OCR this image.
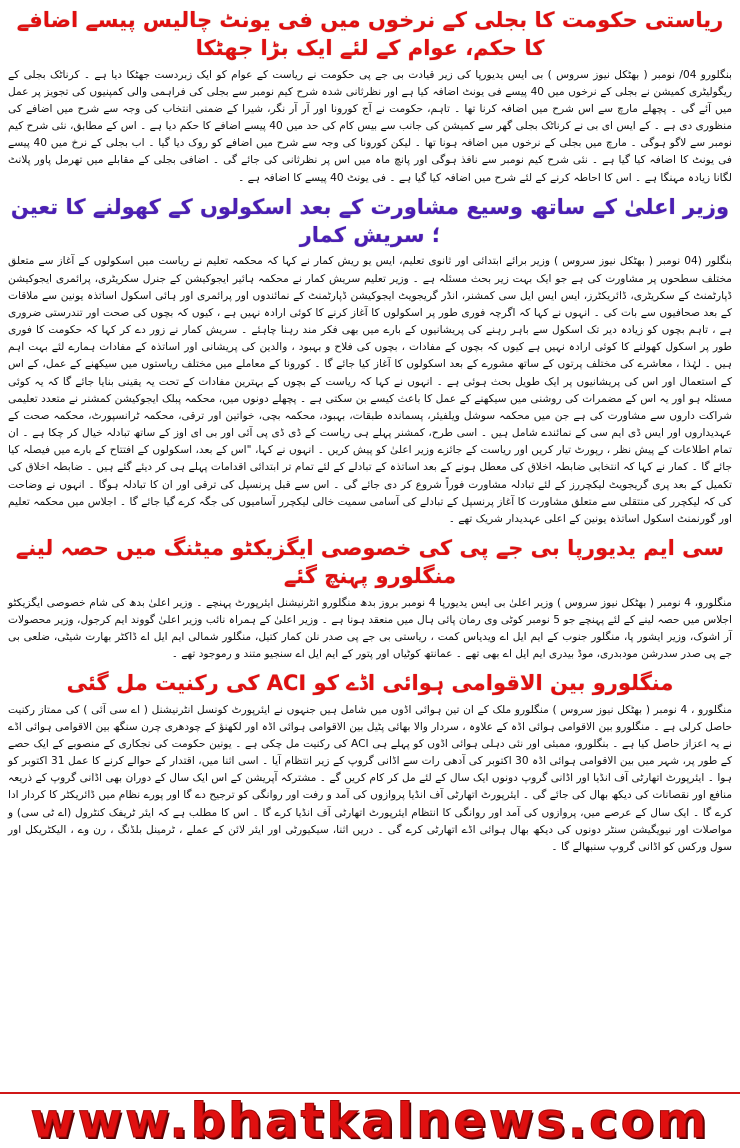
ریاستی حکومت کا بجلی کے نرخوں میں فی یونٹ چالیس پیسے اضافے کا حکم، عوام کے لئے ایک بڑا جھٹکا

بنگلورو 04/ نومبر ( بھٹکل نیوز سروس ) بی ایس یدیورپا کی زیر قیادت بی جے پی حکومت نے ریاست کے عوام کو ایک زبردست جھٹکا دیا ہے ۔ کرناٹک بجلی کے ریگولیٹری کمیشن نے بجلی کے نرخوں میں 40 پیسے فی یونٹ اضافہ کیا ہے اور نظرثانی شدہ شرح کیم نومبر سے بجلی کی فراہمی والی کمپنیوں کی تجویز پر عمل میں آئے گی ۔ پچھلے مارچ سے اس شرح میں اضافہ کرنا تھا ۔ تاہم، حکومت نے آج کورونا اور آر آر نگر، شیرا کے ضمنی انتخاب کی وجہ سے شرح میں اضافے کی منظوری دی ہے ۔ کے ایس ای بی نے کرناٹک بجلی گھر سے کمیشن کی جانب سے بیس کام کی حد میں 40 پیسے اضافے کا حکم دیا ہے ۔ اس کے مطابق، نئی شرح کیم نومبر سے لاگو ہوگی ۔ مارچ میں بجلی کے نرخوں میں اضافہ ہونا تھا ۔ لیکن کورونا کی وجہ سے شرح میں اضافے کو روک دیا گیا ۔ اب بجلی کے نرخ میں 40 پیسے فی یونٹ کا اضافہ کیا گیا ہے ۔ نئی شرح کیم نومبر سے نافذ ہوگی اور پانچ ماہ میں اس پر نظرثانی کی جائے گی ۔ اضافی بجلی کے مقابلے میں تھرمل پاور پلانٹ لگانا زیادہ مہنگا ہے ۔ اس کا احاطہ کرنے کے لئے شرح میں اضافہ کیا گیا ہے ۔ فی یونٹ 40 پیسے کا اضافہ ہے ۔

وزیر اعلیٰ کے ساتھ وسیع مشاورت کے بعد اسکولوں کے کھولنے کا تعین ؛ سریش کمار

بنگلور (04 نومبر ( بھٹکل نیوز سروس ) وزیر برائے ابتدائی اور ثانوی تعلیم، ایس یو ریش کمار نے کہا کہ محکمہ تعلیم نے ریاست میں اسکولوں کے آغاز سے متعلق مختلف سطحوں پر مشاورت کی ہے جو ایک بہت زیر بحث مسئلہ ہے ۔ وزیر تعلیم سریش کمار نے محکمہ ہائیر ایجوکیشن کے جنرل سکریٹری، پرائمری ایجوکیشن ڈپارٹمنٹ کے سکریٹری، ڈائریکٹرز، ایس ایس ایل سی کمشنر، انڈر گریجویٹ ایجوکیشن ڈپارٹمنٹ کے نمائندوں اور پرائمری اور ہائی اسکول اساتذہ یونین سے ملاقات کے بعد صحافیوں سے بات کی ۔ انہوں نے کہا کہ اگرچہ فوری طور پر اسکولوں کا آغاز کرنے کا کوئی ارادہ نہیں ہے ، کیوں کہ بچوں کی صحت اور تندرستی ضروری ہے ، تاہم بچوں کو زیادہ دیر تک اسکول سے باہر رہنے کی پریشانیوں کے بارے میں بھی فکر مند رہنا چاہئے ۔ سریش کمار نے زور دے کر کہا کہ حکومت کا فوری طور پر اسکول کھولنے کا کوئی ارادہ نہیں ہے کیوں کہ بچوں کے مفادات ، بچوں کی فلاح و بہبود ، والدین کی پریشانی اور اساتذہ کے مفادات ہمارے لئے بہت اہم ہیں ۔ لہٰذا ، معاشرے کی مختلف پرتوں کے ساتھ مشورے کے بعد اسکولوں کا آغاز کیا جائے گا ۔ کورونا کے معاملے میں مختلف ریاستوں میں سیکھنے کے عمل، کے اس کے استعمال اور اس کی پریشانیوں پر ایک طویل بحث ہوئی ہے ۔ انہوں نے کہا کہ ریاست کے بچوں کے بہترین مفادات کے تحت یہ یقینی بنایا جائے گا کہ یہ کوئی مسئلہ ہو اور یہ اس کے مضمرات کی روشنی میں سیکھنے کے عمل کا باعث کیسے بن سکتی ہے ۔ پچھلے دونوں میں، محکمہ پبلک ایجوکیشن کمشنر نے متعدد تعلیمی شراکت داروں سے مشاورت کی ہے جن میں محکمہ سوشل ویلفیئر، پسماندہ طبقات، بہبود، محکمہ بچی، خواتین اور ترقی، محکمہ ٹرانسپورٹ، محکمہ صحت کے عہدیداروں اور ایس ڈی ایم سی کے نمائندے شامل ہیں ۔ اسی طرح، کمشنر پہلے ہی ریاست کے ڈی ڈی پی آئی اور بی ای اوز کے ساتھ تبادلہ خیال کر چکا ہے ۔ ان تمام اطلاعات کے پیش نظر ، رپورٹ تیار کریں اور ریاست کے جائزے وزیر اعلیٰ کو پیش کریں ۔ انہوں نے کہا، "اس کے بعد، اسکولوں کے افتتاح کے بارے میں فیصلہ کیا جائے گا ۔ کمار نے کہا کہ انتخابی ضابطہ اخلاق کی معطل ہونے کے بعد اساتذہ کے تبادلے کے لئے تمام تر ابتدائی اقدامات پہلے ہی کر دیئے گئے ہیں ۔ ضابطہ اخلاق کی تکمیل کے بعد پری گریجویٹ لیکچررز کے لئے تبادلہ مشاورت فوراً شروع کر دی جائے گی ۔ اس سے قبل پرنسپل کی ترقی اور ان کا تبادلہ ہوگا ۔ انہوں نے وضاحت کی کہ لیکچرر کی منتقلی سے متعلق مشاورت کا آغاز پرنسپل کے تبادلے کی آسامی سمیت خالی لیکچرر آسامیوں کی جگہ کرے گیا جائے گا ۔ اجلاس میں محکمہ تعلیم اور گورنمنٹ اسکول اساتذہ یونین کے اعلی عہدیدار شریک تھے ۔

سی ایم یدیورپا بی جے پی کی خصوصی ایگزیکٹو میٹنگ میں حصہ لینے منگلورو پہنچ گئے

منگلورو، 4 نومبر ( بھٹکل نیوز سروس ) وزیر اعلیٰ بی ایس یدیورپا 4 نومبر بروز بدھ منگلورو انٹرنیشنل ایئرپورٹ پہنچے ۔ وزیر اعلیٰ بدھ کی شام خصوصی ایگزیکٹو اجلاس میں حصہ لینے کے لئے پہنچے جو 5 نومبر کوٹی وی رمان پائی ہال میں منعقد ہونا ہے ۔ وزیر اعلیٰ کے ہمراہ نائب وزیر اعلیٰ گووند ایم کرجول، وزیر محصولات آر اشوک، وزیر ایشور پا، منگلور جنوب کے ایم ایل اے ویدیاس کمت ، ریاستی بی جے پی صدر نلن کمار کتیل، منگلور شمالی ایم ایل اے ڈاکٹر بھارت شیٹی، ضلعی بی جے پی صدر سدرشن مودبدری، موڈ بیدری ایم ایل اے بھی تھے ۔ عمانتھ کوٹیاں اور پتور کے ایم ایل اے سنجیو متند و رموجود تھے ۔

منگلورو بین الاقوامی ہوائی اڈے کو ACI کی رکنیت مل گئی

منگلورو ، 4 نومبر ( بھٹکل نیوز سروس ) منگلورو ملک کے ان تین ہوائی اڈوں میں شامل ہیں جنہوں نے ایئرپورٹ کونسل انٹرنیشنل ( اے سی آئی ) کی ممتاز رکنیت حاصل کرلی ہے ۔ منگلورو بین الاقوامی ہوائی اڈہ کے علاوہ ، سردار والا بھائی پٹیل بین الاقوامی ہوائی اڈہ اور لکھنؤ کے چودھری چرن سنگھ بین الاقوامی ہوائی اڈے نے یہ اعزاز حاصل کیا ہے ۔ بنگلورو، ممبئی اور نئی دہلی ہوائی اڈوں کو پہلے ہی ACI کی رکنیت مل چکی ہے ۔ یونین حکومت کی نجکاری کے منصوبے کے ایک حصے کے طور پر، شہر میں بین الاقوامی ہوائی اڈہ 30 اکتوبر کی آدھی رات سے اڈانی گروپ کے زیر انتظام آیا ۔ اسی اثنا میں، اقتدار کے حوالے کرنے کا عمل 31 اکتوبر کو ہوا ۔ ایئرپورٹ اتھارٹی آف انڈیا اور اڈانی گروپ دونوں ایک سال کے لئے مل کر کام کریں گے ۔ مشترکہ آپریشن کے اس ایک سال کے دوران بھی اڈانی گروپ کے ذریعہ منافع اور نقصانات کی دیکھ بھال کی جائے گی ۔ ایئرپورٹ اتھارٹی آف انڈیا پروازوں کی آمد و رفت اور روانگی کو ترجیح دے گا اور پورے نظام میں ڈائریکٹر کا کردار ادا کرے گا ۔ ایک سال کے عرصے میں، پروازوں کی آمد اور روانگی کا انتظام ایئرپورٹ اتھارٹی آف انڈیا کرے گا ۔ اس کا مطلب ہے کہ ایئر ٹریفک کنٹرول (اے ٹی سی) و مواصلات اور نیویگیشن سنٹر دونوں کی دیکھ بھال ہوائی اڈے اتھارٹی کرے گی ۔ دریں اثنا، سیکیورٹی اور ایئر لائن کے عملے ، ٹرمینل بلڈنگ ، رن وے ، الیکٹریکل اور سول ورکس کو اڈانی گروپ سنبھالے گا ۔

www.bhatkalnews.com
